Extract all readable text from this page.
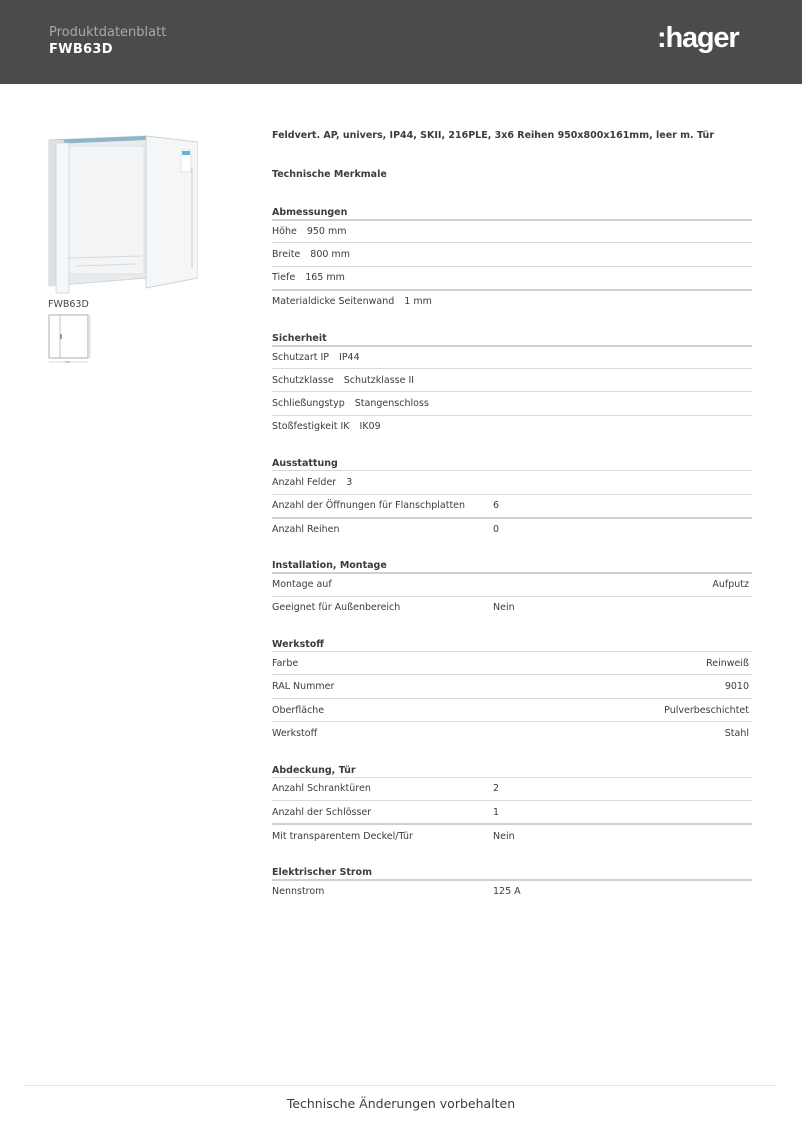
Produktdatenblatt
FWB63D	:hager
FWB63D
Feldvert. AP, univers, IP44, SKII, 216PLE, 3x6 Reihen 950x800x161mm, leer m. Tür
Technische Merkmale
Abmessungen
Höhe 950 mm
Breite 800 mm
Tiefe 165 mm
Materialdicke Seitenwand 1 mm
Sicherheit
Schutzart IP IP44
Schutzklasse Schutzklasse II
Schließungstyp Stangenschloss
Stoßfestigkeit IK IK09
Ausstattung
Anzahl Felder 3
Anzahl der Öffnungen für Flanschplatten	6
Anzahl Reihen	0
Installation, Montage
Montage auf	Aufputz
Geeignet für Außenbereich	Nein
Werkstoff
Farbe	Reinweiß
RAL Nummer	9010
Oberfläche	Pulverbeschichtet
Werkstoff	Stahl
Abdeckung, Tür
Anzahl Schranktüren	2
Anzahl der Schlösser	1
Mit transparentem Deckel/Tür	Nein
Elektrischer Strom
Nennstrom	125 A
Technische Änderungen vorbehalten
